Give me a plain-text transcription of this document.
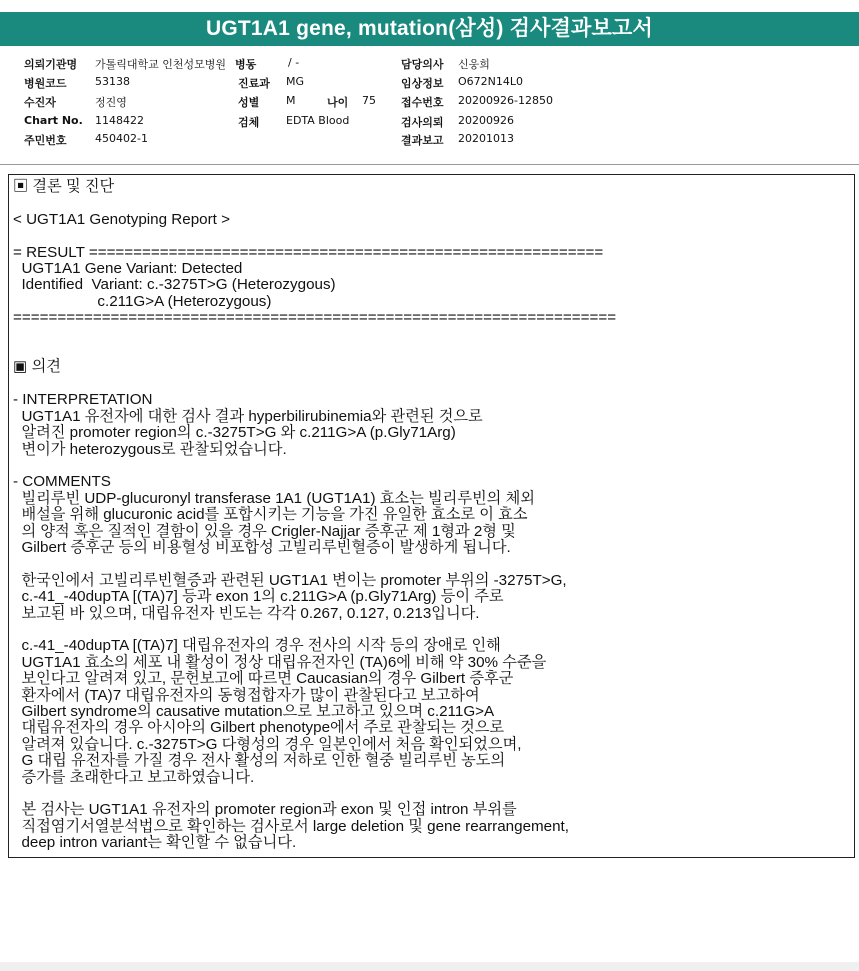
UGT1A1 gene, mutation(삼성) 검사결과보고서
의뢰기관명 가톨릭대학교 인천성모병원 병동	/ -	담당의사 신웅희
병원코드	53138	진료과 MG	임상정보 O672N14L0
수진자	정진영	성별 M	나이 75 접수번호 20200926-12850
Chart No. 1148422	검체 EDTA Blood	검사의뢰 20200926
주민번호	450402-1	결과보고 20201013
▣ 결론 및 진단

< UGT1A1 Genotyping Report >

= RESULT ==========================================================
UGT1A1 Gene Variant: Detected
Identified  Variant: c.-3275T>G (Heterozygous)
c.211G>A (Heterozygous)
====================================================================

▣ 의견

- INTERPRETATION
UGT1A1 유전자에 대한 검사 결과 hyperbilirubinemia와 관련된 것으로
알려진 promoter region의 c.-3275T>G 와 c.211G>A (p.Gly71Arg)
변이가 heterozygous로 관찰되었습니다.

- COMMENTS
빌리루빈 UDP-glucuronyl transferase 1A1 (UGT1A1) 효소는 빌리루빈의 체외
배설을 위해 glucuronic acid를 포합시키는 기능을 가진 유일한 효소로 이 효소
의 양적 혹은 질적인 결함이 있을 경우 Crigler-Najjar 증후군 제 1형과 2형 및
Gilbert 증후군 등의 비용혈성 비포합성 고빌리루빈혈증이 발생하게 됩니다.

한국인에서 고빌리루빈혈증과 관련된 UGT1A1 변이는 promoter 부위의 -3275T>G,
c.-41_-40dupTA [(TA)7] 등과 exon 1의 c.211G>A (p.Gly71Arg) 등이 주로
보고된 바 있으며, 대립유전자 빈도는 각각 0.267, 0.127, 0.213입니다.

c.-41_-40dupTA [(TA)7] 대립유전자의 경우 전사의 시작 등의 장애로 인해
UGT1A1 효소의 세포 내 활성이 정상 대립유전자인 (TA)6에 비해 약 30% 수준을
보인다고 알려져 있고, 문헌보고에 따르면 Caucasian의 경우 Gilbert 증후군
환자에서 (TA)7 대립유전자의 동형접합자가 많이 관찰된다고 보고하여
Gilbert syndrome의 causative mutation으로 보고하고 있으며 c.211G>A
대립유전자의 경우 아시아의 Gilbert phenotype에서 주로 관찰되는 것으로
알려져 있습니다. c.-3275T>G 다형성의 경우 일본인에서 처음 확인되었으며,
G 대립 유전자를 가질 경우 전사 활성의 저하로 인한 혈중 빌리루빈 농도의
증가를 초래한다고 보고하였습니다.

본 검사는 UGT1A1 유전자의 promoter region과 exon 및 인접 intron 부위를
직접염기서열분석법으로 확인하는 검사로서 large deletion 및 gene rearrangement,
deep intron variant는 확인할 수 없습니다.
